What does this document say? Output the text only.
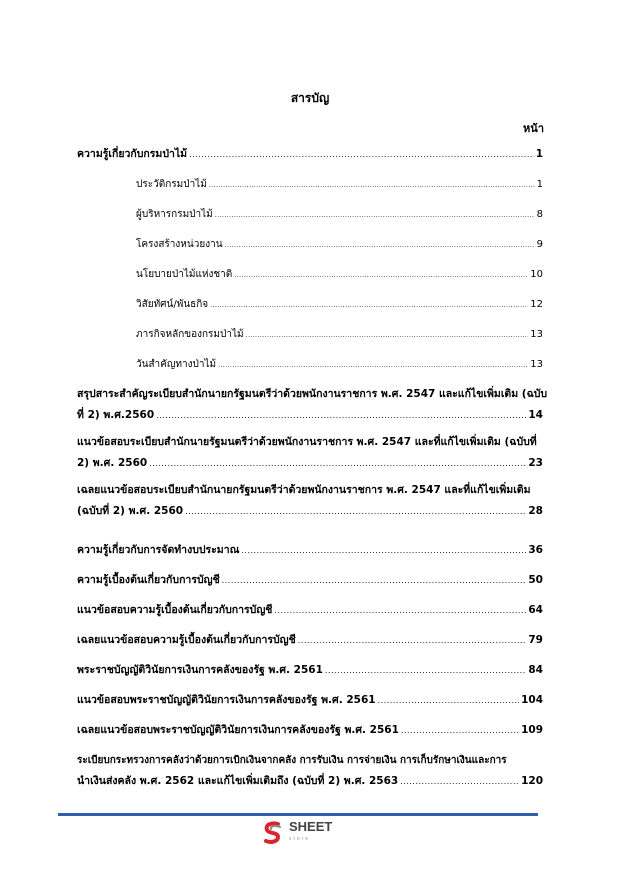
สารบัญ
หน้า
ความรู้เกี่ยวกับกรมป่าไม้ .....	1
ประวัติกรมป่าไม้ .....	1
ผู้บริหารกรมป่าไม้ .....	8
โครงสร้างหน่วยงาน .....	9
นโยบายป่าไม้แห่งชาติ .....	10
วิสัยทัศน์/พันธกิจ .....	12
ภารกิจหลักของกรมป่าไม้ .....	13
วันสำคัญทางป่าไม้ .....	13
สรุปสาระสำคัญระเบียบสำนักนายกรัฐมนตรีว่าด้วยพนักงานราชการ พ.ศ. 2547 และแก้ไขเพิ่มเติม (ฉบับ
ที่ 2) พ.ศ.2560 .....	14
แนวข้อสอบระเบียบสำนักนายรัฐมนตรีว่าด้วยพนักงานราชการ พ.ศ. 2547 และที่แก้ไขเพิ่มเติม (ฉบับที่
2) พ.ศ. 2560 .....	23
เฉลยแนวข้อสอบระเบียบสำนักนายกรัฐมนตรีว่าด้วยพนักงานราชการ พ.ศ. 2547 และที่แก้ไขเพิ่มเติม
(ฉบับที่ 2) พ.ศ. 2560 .....	28
ความรู้เกี่ยวกับการจัดทำงบประมาณ .....	36
ความรู้เบื้องต้นเกี่ยวกับการบัญชี .....	50
แนวข้อสอบความรู้เบื้องต้นเกี่ยวกับการบัญชี .....	64
เฉลยแนวข้อสอบความรู้เบื้องต้นเกี่ยวกับการบัญชี .....	79
พระราชบัญญัติวินัยการเงินการคลังของรัฐ พ.ศ. 2561 .....	84
แนวข้อสอบพระราชบัญญัติวินัยการเงินการคลังของรัฐ พ.ศ. 2561 .....	104
เฉลยแนวข้อสอบพระราชบัญญัติวินัยการเงินการคลังของรัฐ พ.ศ. 2561 .....	109
ระเบียบกระทรวงการคลังว่าด้วยการเบิกเงินจากคลัง การรับเงิน การจ่ายเงิน การเก็บรักษาเงินและการ
นำเงินส่งคลัง พ.ศ. 2562 และแก้ไขเพิ่มเติมถึง (ฉบับที่ 2) พ.ศ. 2563 .....	120
SHEET
store
